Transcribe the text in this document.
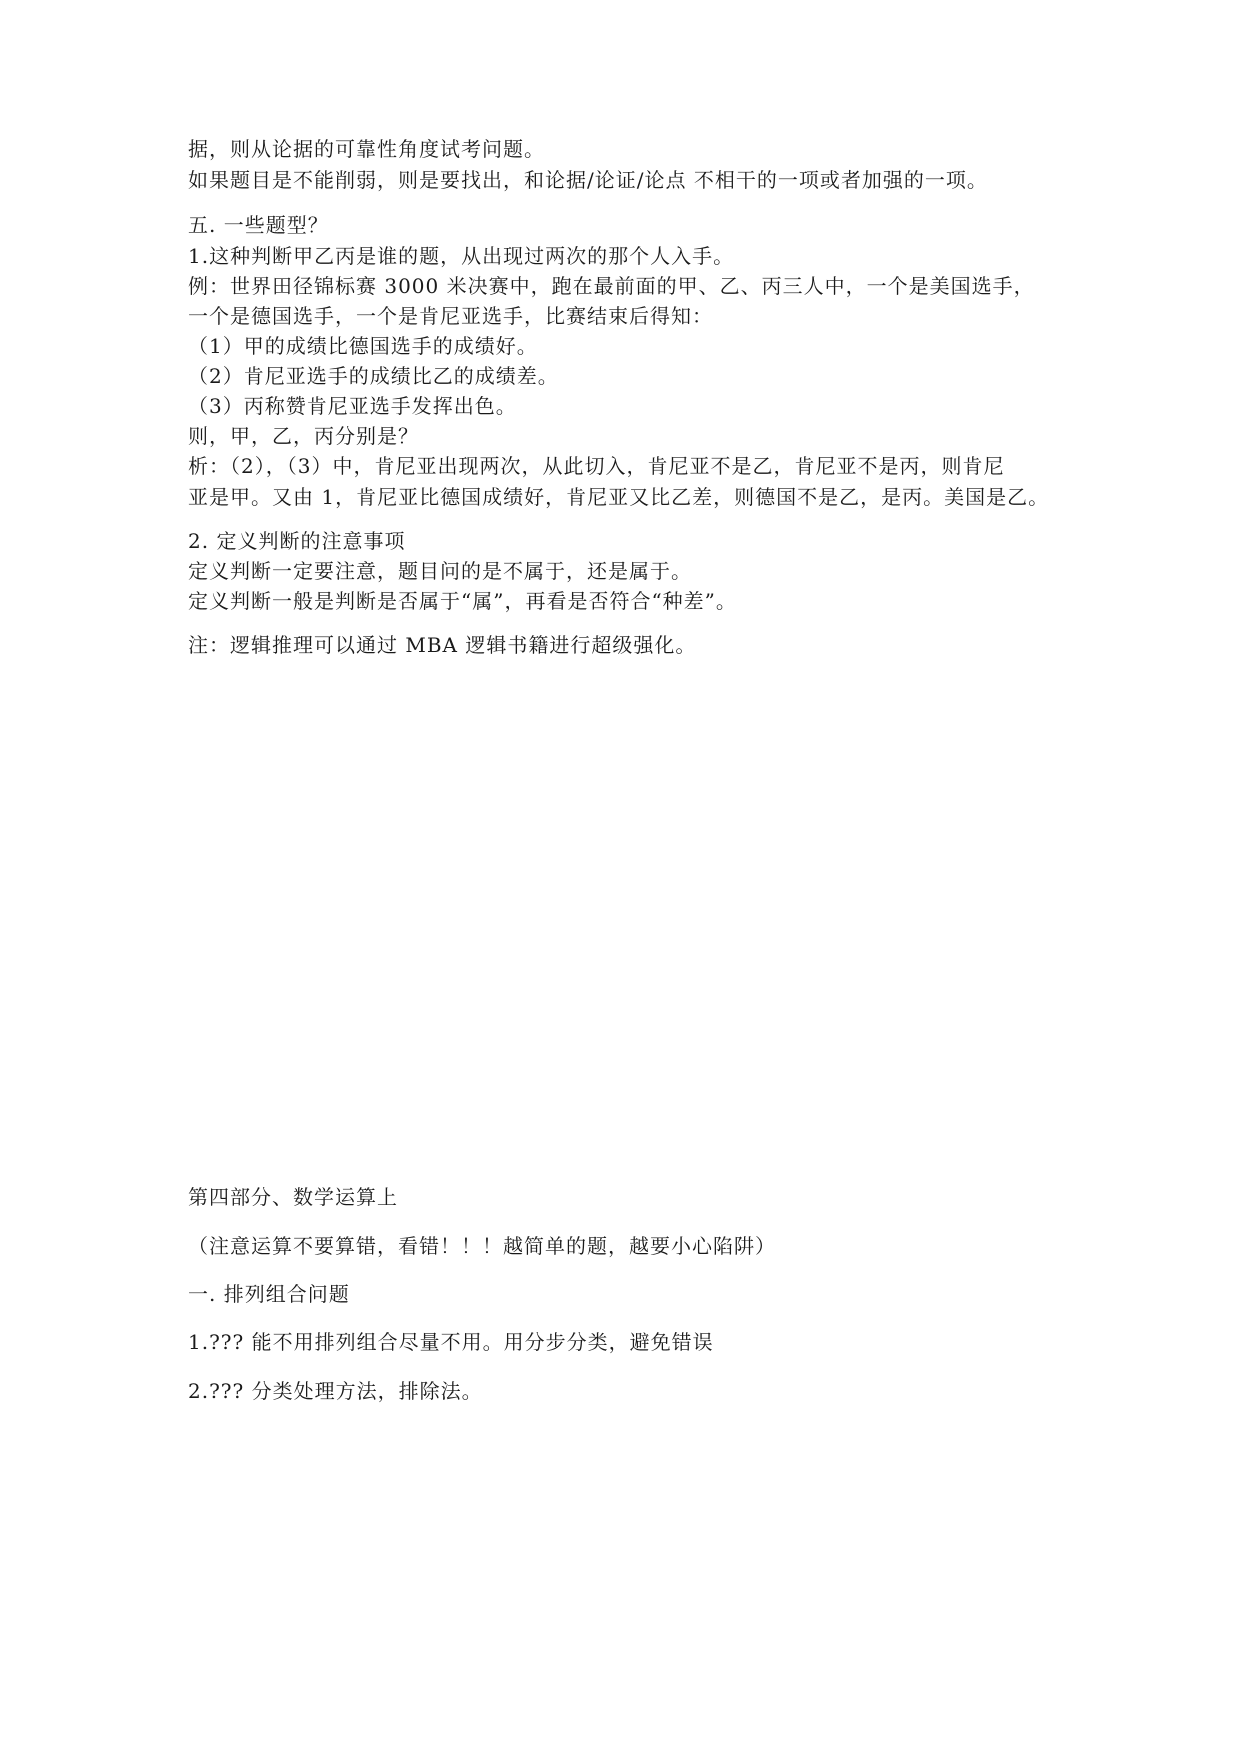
据，则从论据的可靠性角度试考问题。
如果题目是不能削弱，则是要找出，和论据/论证/论点 不相干的一项或者加强的一项。
五. 一些题型？
1.这种判断甲乙丙是谁的题，从出现过两次的那个人入手。
例：世界田径锦标赛 3000 米决赛中，跑在最前面的甲、乙、丙三人中，一个是美国选手，
一个是德国选手，一个是肯尼亚选手，比赛结束后得知：
（1）甲的成绩比德国选手的成绩好。
（2）肯尼亚选手的成绩比乙的成绩差。
（3）丙称赞肯尼亚选手发挥出色。
则，甲，乙，丙分别是？
析：（2），（3）中，肯尼亚出现两次，从此切入，肯尼亚不是乙，肯尼亚不是丙，则肯尼
亚是甲。又由 1，肯尼亚比德国成绩好，肯尼亚又比乙差，则德国不是乙，是丙。美国是乙。
2. 定义判断的注意事项
定义判断一定要注意，题目问的是不属于，还是属于。
定义判断一般是判断是否属于“属”，再看是否符合“种差”。
注：逻辑推理可以通过 MBA 逻辑书籍进行超级强化。
第四部分、数学运算上
（注意运算不要算错，看错！！！越简单的题，越要小心陷阱）
一. 排列组合问题
1.??? 能不用排列组合尽量不用。用分步分类，避免错误
2.??? 分类处理方法，排除法。
